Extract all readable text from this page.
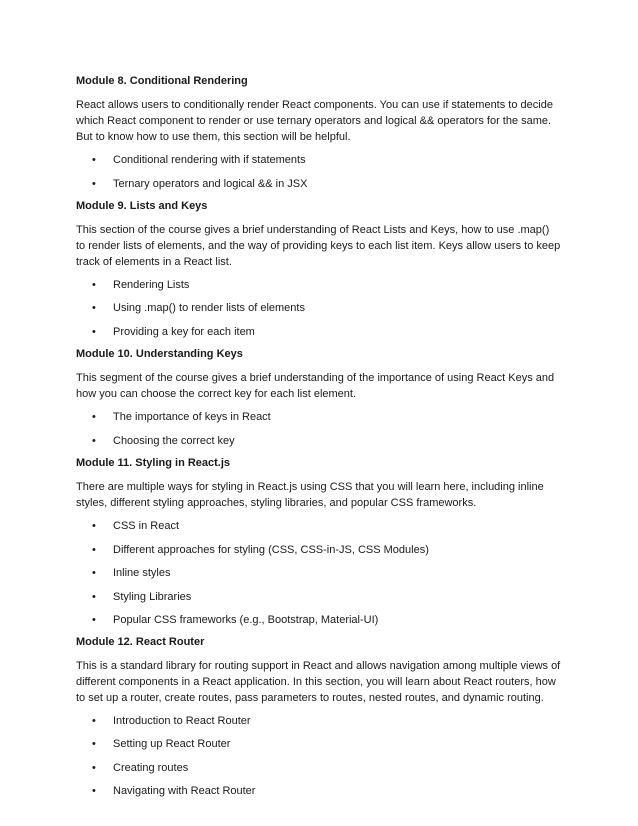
Module 8. Conditional Rendering
React allows users to conditionally render React components. You can use if statements to decide which React component to render or use ternary operators and logical && operators for the same. But to know how to use them, this section will be helpful.
• Conditional rendering with if statements
• Ternary operators and logical && in JSX
Module 9. Lists and Keys
This section of the course gives a brief understanding of React Lists and Keys, how to use .map() to render lists of elements, and the way of providing keys to each list item. Keys allow users to keep track of elements in a React list.
• Rendering Lists
• Using .map() to render lists of elements
• Providing a key for each item
Module 10. Understanding Keys
This segment of the course gives a brief understanding of the importance of using React Keys and how you can choose the correct key for each list element.
• The importance of keys in React
• Choosing the correct key
Module 11. Styling in React.js
There are multiple ways for styling in React.js using CSS that you will learn here, including inline styles, different styling approaches, styling libraries, and popular CSS frameworks.
• CSS in React
• Different approaches for styling (CSS, CSS-in-JS, CSS Modules)
• Inline styles
• Styling Libraries
• Popular CSS frameworks (e.g., Bootstrap, Material-UI)
Module 12. React Router
This is a standard library for routing support in React and allows navigation among multiple views of different components in a React application. In this section, you will learn about React routers, how to set up a router, create routes, pass parameters to routes, nested routes, and dynamic routing.
• Introduction to React Router
• Setting up React Router
• Creating routes
• Navigating with React Router
